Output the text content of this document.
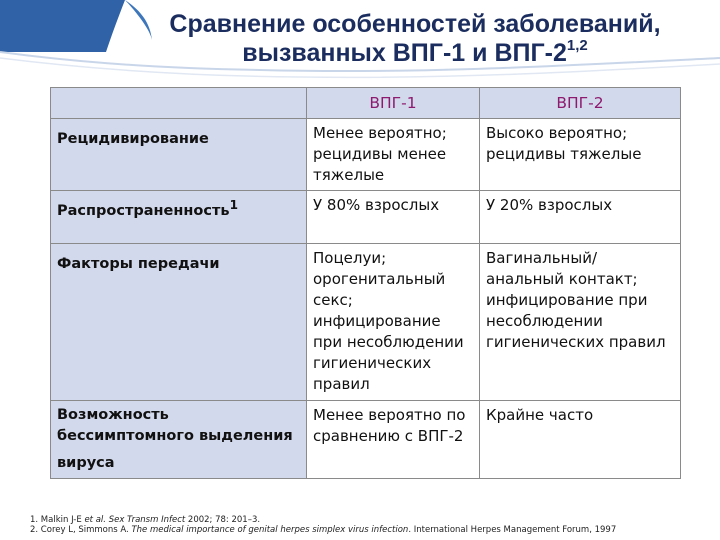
Сравнение особенностей заболеваний,
вызванных ВПГ-1 и ВПГ-2$^{1,2}$

	ВПГ-1	ВПГ-2

Рецидивирование	Менее вероятно; рецидивы менее тяжелые	Высоко вероятно; рецидивы тяжелые

Распространенность$^1$	У 80% взрослых	У 20% взрослых

Факторы передачи	Поцелуи; орогенитальный секс; инфицирование при несоблюдении гигиенических правил	Вагинальный/ анальный контакт; инфицирование при несоблюдении гигиенических правил

Возможность бессимптомного выделения вируса	Менее вероятно по сравнению с ВПГ-2	Крайне часто
1. Malkin J-E et al. Sex Transm Infect 2002; 78: 201–3.
2. Corey L, Simmons A. The medical importance of genital herpes simplex virus infection. International Herpes Management Forum, 1997
